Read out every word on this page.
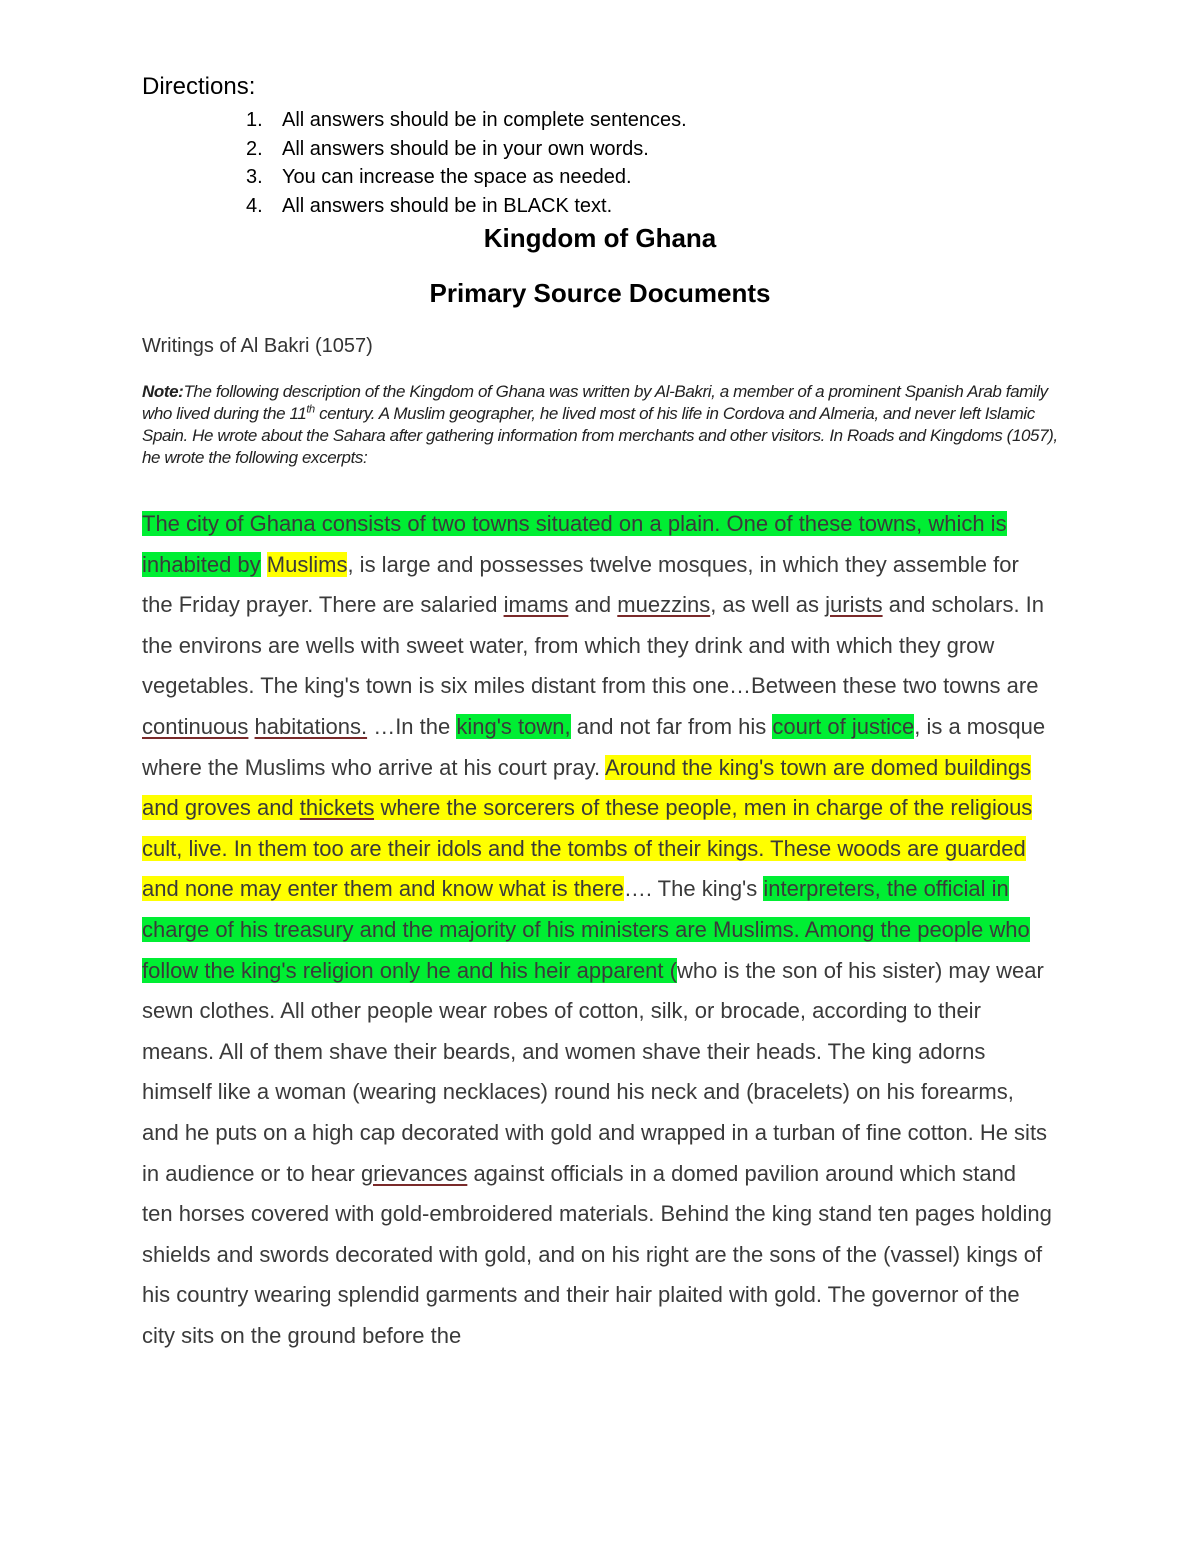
Directions:
1. All answers should be in complete sentences.
2. All answers should be in your own words.
3. You can increase the space as needed.
4. All answers should be in BLACK text.
Kingdom of Ghana
Primary Source Documents

Writings of Al Bakri (1057)

Note:The following description of the Kingdom of Ghana was written by Al-Bakri, a member of a prominent Spanish Arab family who lived during the 11th century. A Muslim geographer, he lived most of his life in Cordova and Almeria, and never left Islamic Spain. He wrote about the Sahara after gathering information from merchants and other visitors. In Roads and Kingdoms (1057), he wrote the following excerpts:

The city of Ghana consists of two towns situated on a plain. One of these towns, which is inhabited by Muslims, is large and possesses twelve mosques, in which they assemble for the Friday prayer. There are salaried imams and muezzins, as well as jurists and scholars. In the environs are wells with sweet water, from which they drink and with which they grow vegetables. The king's town is six miles distant from this one…Between these two towns are continuous habitations. …In the king's town, and not far from his court of justice, is a mosque where the Muslims who arrive at his court pray. Around the king's town are domed buildings and groves and thickets where the sorcerers of these people, men in charge of the religious cult, live. In them too are their idols and the tombs of their kings. These woods are guarded and none may enter them and know what is there…. The king's interpreters, the official in charge of his treasury and the majority of his ministers are Muslims. Among the people who follow the king's religion only he and his heir apparent (who is the son of his sister) may wear sewn clothes. All other people wear robes of cotton, silk, or brocade, according to their means. All of them shave their beards, and women shave their heads. The king adorns himself like a woman (wearing necklaces) round his neck and (bracelets) on his forearms, and he puts on a high cap decorated with gold and wrapped in a turban of fine cotton. He sits in audience or to hear grievances against officials in a domed pavilion around which stand ten horses covered with gold-embroidered materials. Behind the king stand ten pages holding shields and swords decorated with gold, and on his right are the sons of the (vassel) kings of his country wearing splendid garments and their hair plaited with gold. The governor of the city sits on the ground before the
